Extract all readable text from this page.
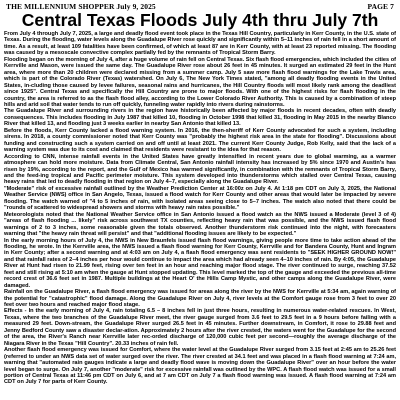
THE MILLENNIUM SHOPPER July 9, 2025	PAGE 7
Central Texas Floods July 4th thru July 7th

From July 4 through July 7, 2025, a large and deadly flood event took place in the Texas Hill Country, particularly in Kerr County, in the U.S. state of Texas. During the flooding, water levels along the Guadalupe River rose quickly and significantly within 5–11 inches of rain fell in a short amount of time. As a result, at least 109 fatalities have been confirmed, of which at least 87 are in Kerr County, with at least 23 reported missing. The flooding was caused by a mesoscale convective complex partially fed by the remnants of Tropical Storm Barry.

Flooding began on the morning of July 4, after a huge volume of rain fell on Central Texas. Six flash flood emergencies, which included the cities of Kerrville and Mason, were issued the same day. The Guadalupe River rose about 26 feet in 45 minutes. It surged an estimated 29 feet in the Hunt area, where more than 20 children were declared missing from a summer camp. July 5 saw more flash flood warnings for the Lake Travis area, which is part of the Colorado River (Texas) watershed. On July 6, The New York Times stated, "among all deadly flooding events in the United States, in-cluding those caused by levee failures, seasonal rains and hurricanes, the Hill Country floods will most likely rank among the deadliest since 1925". Central Texas and specifically the Hill Country are prone to major floods. With one of the highest risks for flash flooding in the country, the area is referred to as the flash flood alley, according to the Lower Colorado River Authority. This is caused by a combination of steep hills and arid soil that water tends to run off quickly, funneling water rapidly into rivers during rainstorms.

The Guadalupe River and surrounding rivers in the region have historically been affected by major floods in recent decades, often with deadly consequences. This includes flooding in July 1987 that killed 10, flooding in October 1998 that killed 31, flooding in May 2015 in the nearby Blanco River that killed 13, and flooding just 3 weeks earlier in nearby San Antonio that killed 13.

Before the floods, Kerr County lacked a flood warning system. In 2016, the then-sheriff of Kerr County advocated for such a system, including sirens. In 2018, a county commissioner noted that Kerr County was "probably the highest risk area in the state for flooding". Discussions about funding and constructing such a system carried on and off until at least 2021. The current Kerr County Judge, Rob Kelly, said that the lack of a warning system was due to its cost and claimed that residents were resistant to the idea for that reason.

According to CNN, intense rainfall events in the United States have greatly intensified in recent years due to global warming, as a warmer atmosphere can hold more moisture. Data from Climate Central, San Antonio rainfall intensity has increased by 5% since 1970 and Austin's has risen by 19%, according to the report, and the Gulf of Mexico has warmed significantly, in combination with the remnants of Tropical Storm Barry, and the feed-ing tropical and Pacific perimeter moisture. This system developed into thunderstorms which stalled over Central Texas, causing heavy rains that led to deadly flooding in that region on July 4–7, especially along the Guadalupe River.

"Moderate" risk of excessive rainfall outlined by the Weather Prediction Center at 16:00z on July 4. At 1:18 pm CDT on July 3, 2025, the National Weather Service (NWS) office in San Angelo, Texas, issued a flood watch for Kerr County and other areas that would later be impacted by severe flooding. The watch warned of "4 to 5 inches of rain, with isolated areas seeing close to 5–7 inches. The watch also noted that there could be "rounds of scattered to widespread showers and storms with heavy rain rates possible."

Meteorologists noted that the National Weather Service office in San Antonio issued a flood watch as the NWS issued a Moderate (level 3 of 4) "areas of flash flooding ... likely" risk across southwest TX counties, reflecting heavy rain that was possible, and the NWS issued flash flood warnings of 2 to 3 inches, some reasonable given the totals observed. Another thunderstorm risk continued into the night, with forecasters warning that "the heavy rain threat will persist" and that "additional flooding issues are likely to be expected."

In the early morning hours of July 4, the NWS in New Braunfels issued flash flood warnings, giving people more time to take action ahead of the flooding, he wrote. In the Kerrville area, the NWS issued a flash flood warning for Kerr County, Kerrville and for Bandera County, Hunt and Ingram in Kerr County; after a second warning and at 4:03 am on July 4, a flash flood emergency was sent residents to "SEEK HIGHER GROUND NOW!" and that rainfall rates of 2–4 inches per hour would continue to impact the area which had already seen 4–10 inches of rain. By 4:05, the Guadalupe River at Hunt had risen to 21.99 feet, rising over ten feet in an hour and reaching major flood stage. The river continued to surge, reaching 37.52 feet and still rising at 5:10 am when the gauge at Hunt stopped updating. This level marked the top of the gauge and exceeded the previous all-time record crest of 36.6 feet set in 1987. Multiple buildings at the Heart O' the Hills Camp Mystic, and other camps along the Guadalupe River, were damaged.

Rainfall on the Guadalupe River, a flash flood emergency was issued for areas along the river by the NWS for Kerrville at 5:34 am, again warning of the potential for "catastrophic" flood damage. Along the Guadalupe River on July 4, river levels at the Comfort gauge rose from 3 feet to over 20 feet over two hours and reached major flood stage.

Effects - In the early morning of July 4, rain totaling 6.5 – 8 inches fell in just three hours, resulting in numerous water-related rescues. In West, Texas, where the two branches of the Guadalupe River meet, the river gauge surged from 3.6 feet to 29.5 feet in a 9 hours before failing with a measured 29 feet. Down-stream, the Guadalupe River surged 26.5 feet in 45 minutes. Further downstream, in Comfort, it rose to 29.88 feet and Jenny Bedford County saw a disaster declar-ation. Approximately 2 hours after the river crested, the waters went for the Guadalupe for the second of the area, the River's Ranch near Kerrville later rec-orded discharge of 120,000 cubic feet per second—roughly the average discharge of the Niagara River in the Texas "Hill Country". 20.33 inches of rain fell.

Another flash flood emergency was issued for Comfort, where the water level at the Guadalupe River surged from 3.15 feet at 2:45 am to 25.26 feet (referred to under an NWS data set of water surged over the river. The river crested at 34.1 feet and was placed in a flash flood warning at 7:24 am, warning that "automated rain gauges indicate a large and deadly flood wave is moving down the Guadalupe River" over an hour before the water level began to surge. On July 7, another "moderate" risk for excessive rainfall was outlined by the WPC. A flash flood watch was issued for a small portion of Central Texas at 11:46 pm CDT on July 6, and at 7 am CDT on July 7 a flash flood warning was issued. A flash flood warning at 7:24 am CDT on July 7 for parts of Kerr County.
